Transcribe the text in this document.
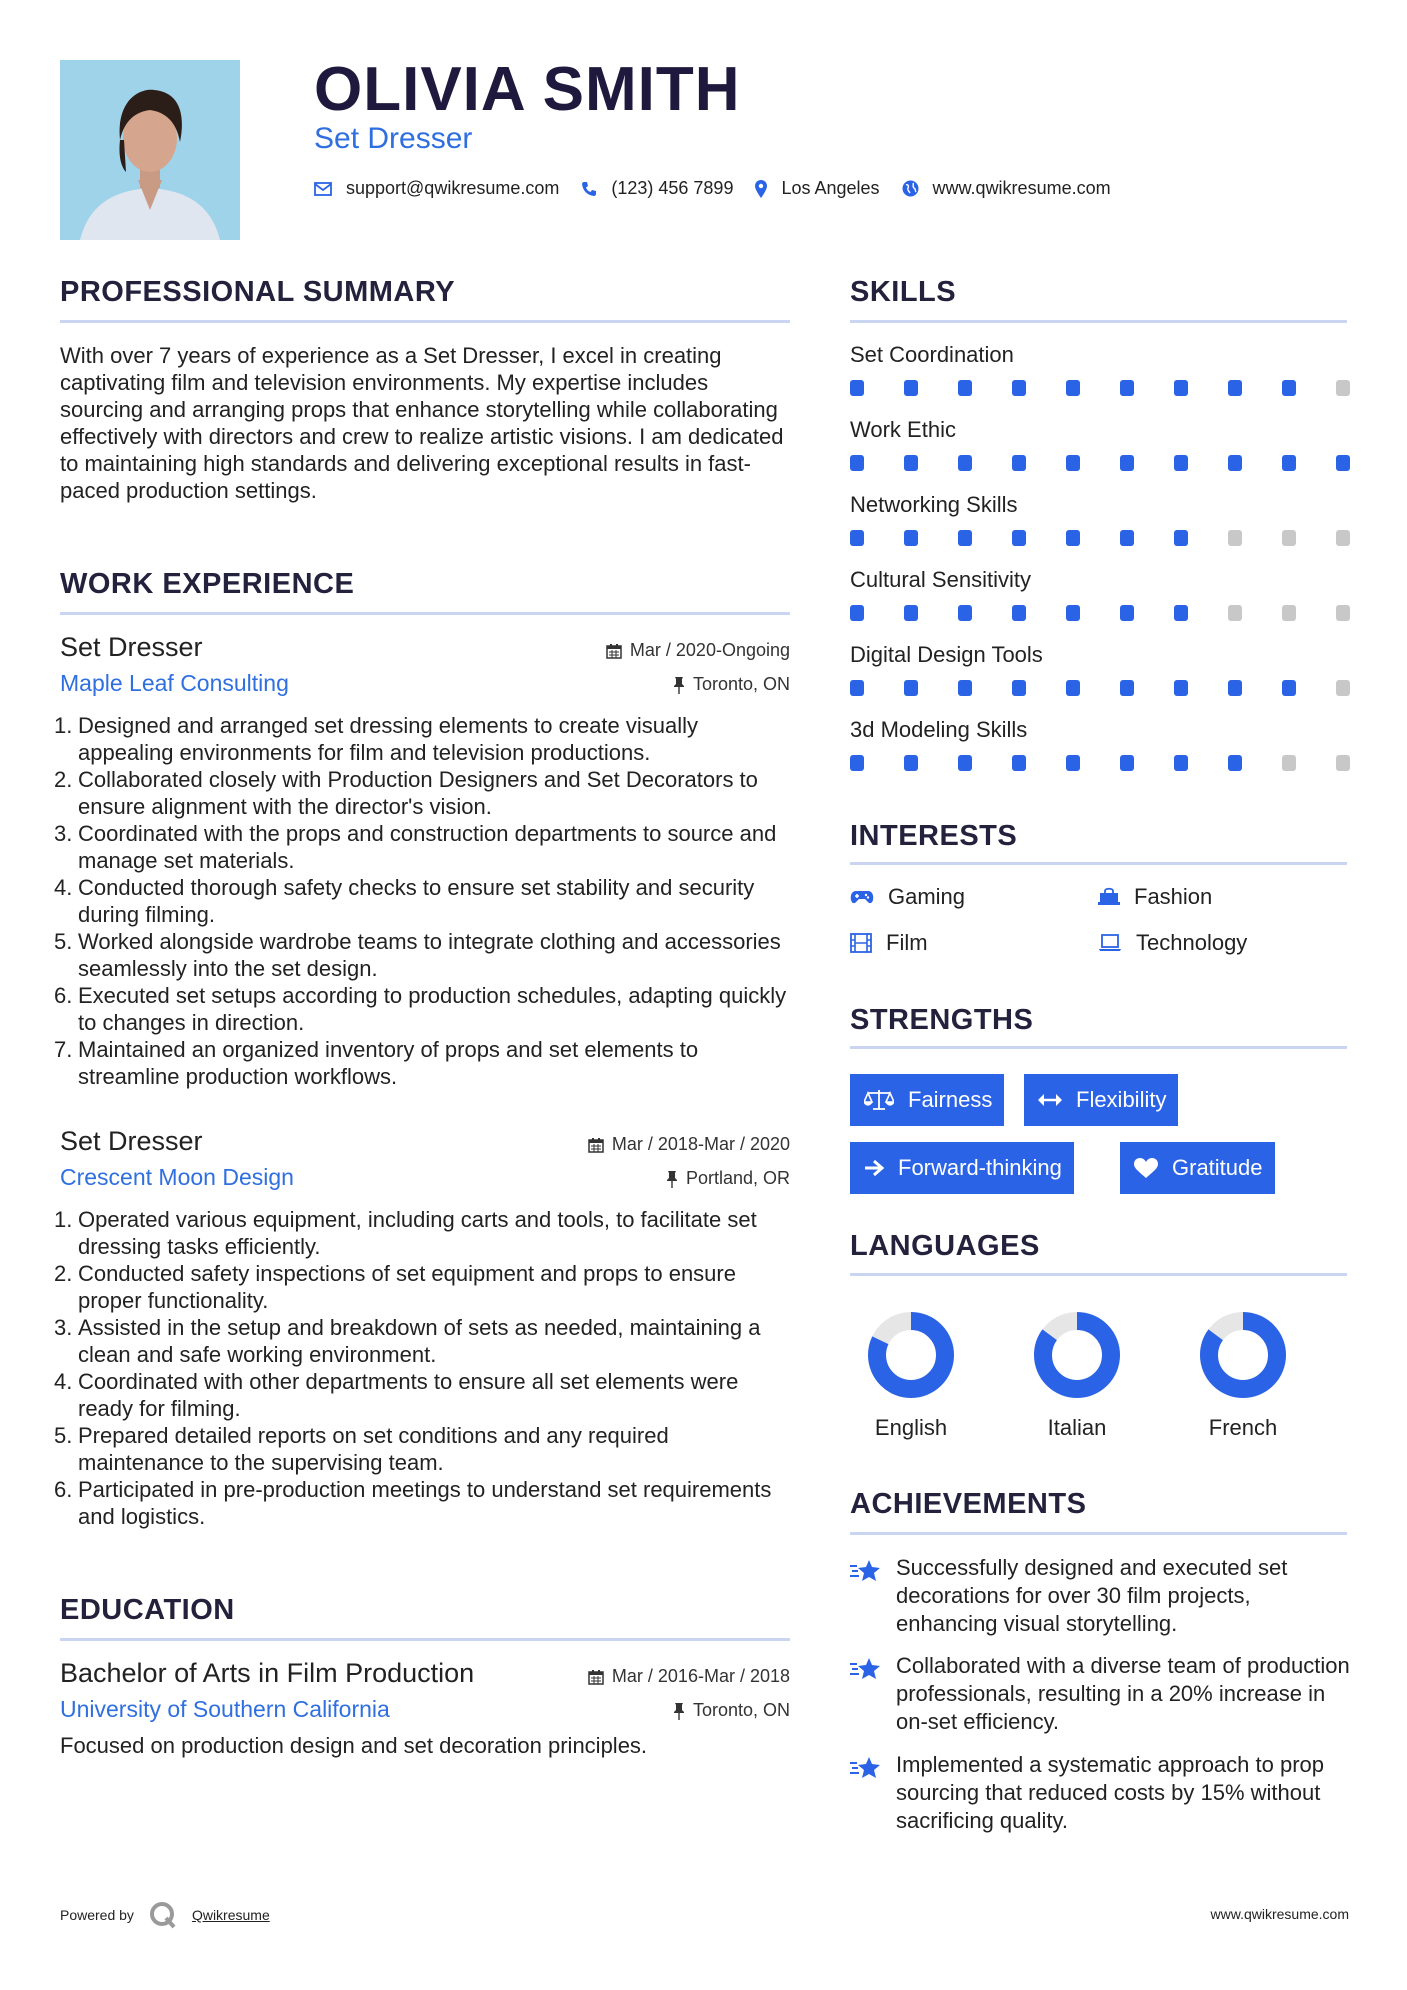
OLIVIA SMITH
Set Dresser
support@qwikresume.com	(123) 456 7899	Los Angeles	www.qwikresume.com
PROFESSIONAL SUMMARY
With over 7 years of experience as a Set Dresser, I excel in creating captivating film and television environments. My expertise includes sourcing and arranging props that enhance storytelling while collaborating effectively with directors and crew to realize artistic visions. I am dedicated to maintaining high standards and delivering exceptional results in fast-paced production settings.
WORK EXPERIENCE
Set Dresser	Mar / 2020-Ongoing
Maple Leaf Consulting	Toronto, ON
1. Designed and arranged set dressing elements to create visually appealing environments for film and television productions.
2. Collaborated closely with Production Designers and Set Decorators to ensure alignment with the director's vision.
3. Coordinated with the props and construction departments to source and manage set materials.
4. Conducted thorough safety checks to ensure set stability and security during filming.
5. Worked alongside wardrobe teams to integrate clothing and accessories seamlessly into the set design.
6. Executed set setups according to production schedules, adapting quickly to changes in direction.
7. Maintained an organized inventory of props and set elements to streamline production workflows.
Set Dresser	Mar / 2018-Mar / 2020
Crescent Moon Design	Portland, OR
1. Operated various equipment, including carts and tools, to facilitate set dressing tasks efficiently.
2. Conducted safety inspections of set equipment and props to ensure proper functionality.
3. Assisted in the setup and breakdown of sets as needed, maintaining a clean and safe working environment.
4. Coordinated with other departments to ensure all set elements were ready for filming.
5. Prepared detailed reports on set conditions and any required maintenance to the supervising team.
6. Participated in pre-production meetings to understand set requirements and logistics.
EDUCATION
Bachelor of Arts in Film Production	Mar / 2016-Mar / 2018
University of Southern California	Toronto, ON
Focused on production design and set decoration principles.
SKILLS
Set Coordination
Work Ethic
Networking Skills
Cultural Sensitivity
Digital Design Tools
3d Modeling Skills
INTERESTS
Gaming	Fashion
Film	Technology
STRENGTHS
Fairness	Flexibility
Forward-thinking	Gratitude
LANGUAGES
English	Italian	French
ACHIEVEMENTS
Successfully designed and executed set decorations for over 30 film projects, enhancing visual storytelling.
Collaborated with a diverse team of production professionals, resulting in a 20% increase in on-set efficiency.
Implemented a systematic approach to prop sourcing that reduced costs by 15% without sacrificing quality.
Powered by	Qwikresume	www.qwikresume.com
